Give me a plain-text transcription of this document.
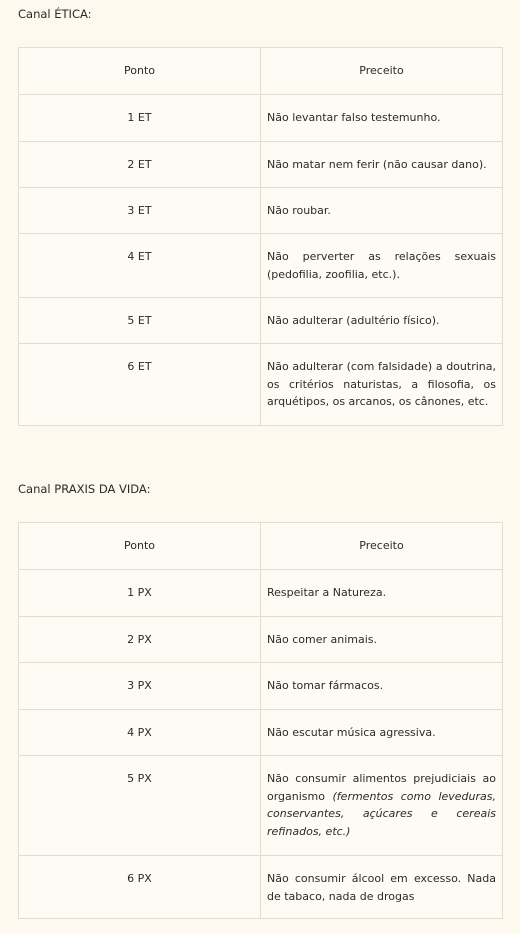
Canal ÉTICA:
Ponto	Preceito
1 ET	Não levantar falso testemunho.
2 ET	Não matar nem ferir (não causar dano).
3 ET	Não roubar.
4 ET	Não perverter as relações sexuais (pedofilia, zoofilia, etc.).
5 ET	Não adulterar (adultério físico).
6 ET	Não adulterar (com falsidade) a doutrina, os critérios naturistas, a filosofia, os arquétipos, os arcanos, os cânones, etc.
Canal PRAXIS DA VIDA:
Ponto	Preceito
1 PX	Respeitar a Natureza.
2 PX	Não comer animais.
3 PX	Não tomar fármacos.
4 PX	Não escutar música agressiva.
5 PX	Não consumir alimentos prejudiciais ao organismo (fermentos como leveduras, conservantes, açúcares e cereais refinados, etc.)
6 PX	Não consumir álcool em excesso. Nada de tabaco, nada de drogas
